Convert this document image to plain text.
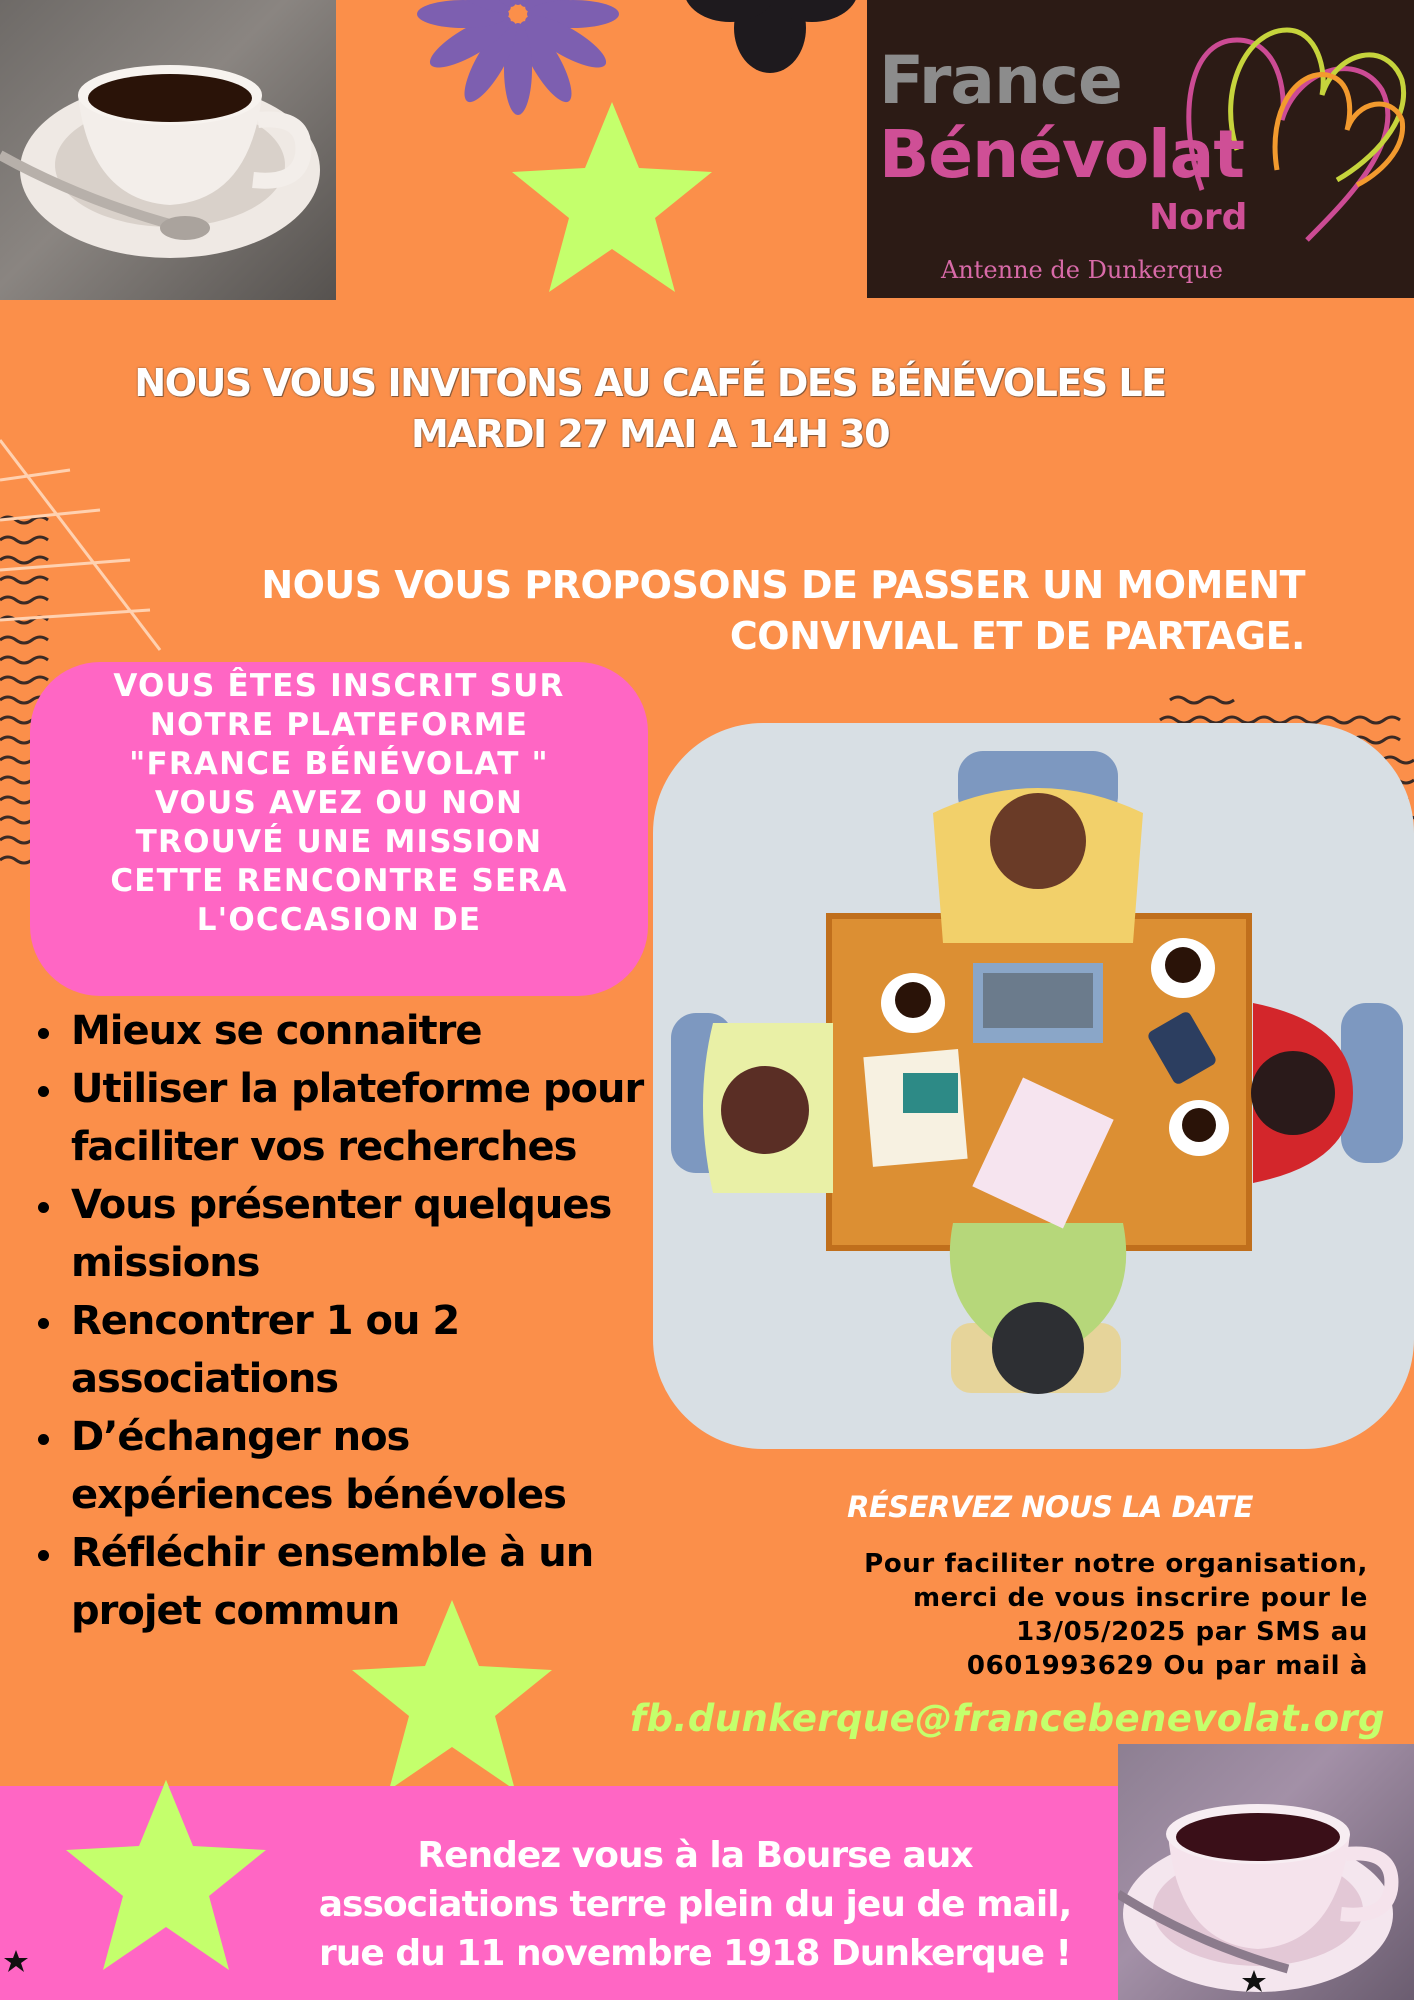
France
Bénévolat
Nord
Antenne de Dunkerque
NOUS VOUS INVITONS AU CAFÉ DES BÉNÉVOLES LE
MARDI 27 MAI A 14H 30
NOUS VOUS PROPOSONS DE PASSER UN MOMENT
CONVIVIAL ET DE PARTAGE.
VOUS ÊTES INSCRIT SUR
NOTRE PLATEFORME
"FRANCE BÉNÉVOLAT "
VOUS AVEZ OU NON
TROUVÉ UNE MISSION
CETTE RENCONTRE SERA
L'OCCASION DE
Mieux se connaitre
Utiliser la plateforme pour faciliter vos recherches
Vous présenter quelques missions
Rencontrer 1 ou 2 associations
D’échanger nos expériences bénévoles
Réfléchir ensemble à un projet commun
RÉSERVEZ NOUS LA DATE
Pour faciliter notre organisation,
merci de vous inscrire pour le
13/05/2025 par SMS au
0601993629 Ou par mail à
fb.dunkerque@francebenevolat.org
Rendez vous à la Bourse aux
associations terre plein du jeu de mail,
rue du 11 novembre 1918 Dunkerque !
